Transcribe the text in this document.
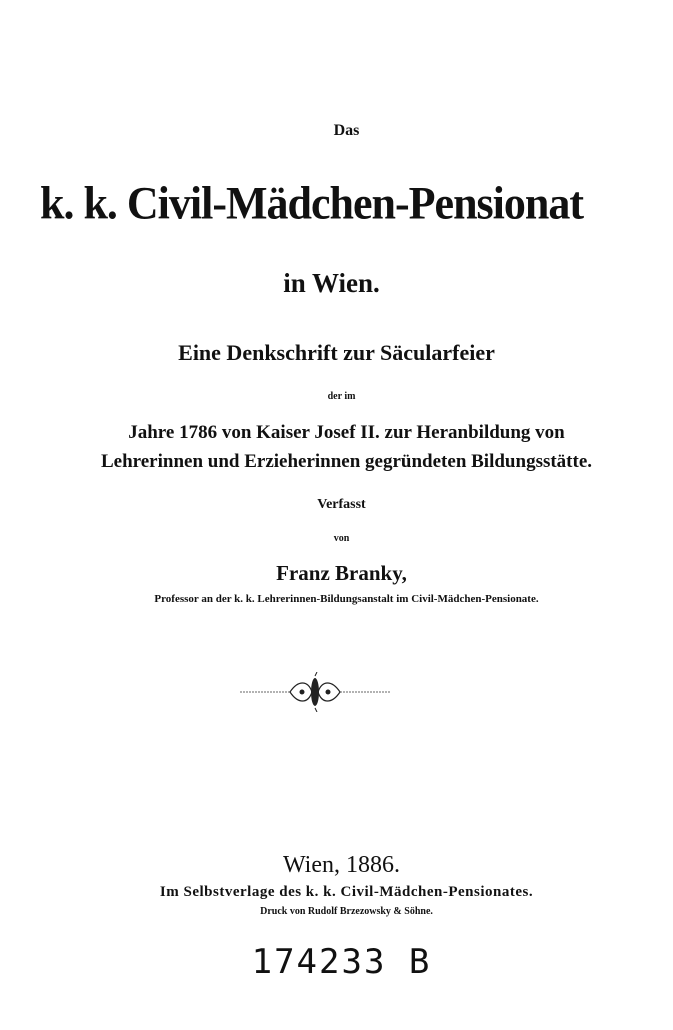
Das
k. k. Civil-Mädchen-Pensionat
in Wien.
Eine Denkschrift zur Säcularfeier
der im
Jahre 1786 von Kaiser Josef II. zur Heranbildung von
Lehrerinnen und Erzieherinnen gegründeten Bildungsstätte.
Verfasst
von
Franz Branky,
Professor an der k. k. Lehrerinnen-Bildungsanstalt im Civil-Mädchen-Pensionate.
Wien, 1886.
Im Selbstverlage des k. k. Civil-Mädchen-Pensionates.
Druck von Rudolf Brzezowsky & Söhne.
174233 B
